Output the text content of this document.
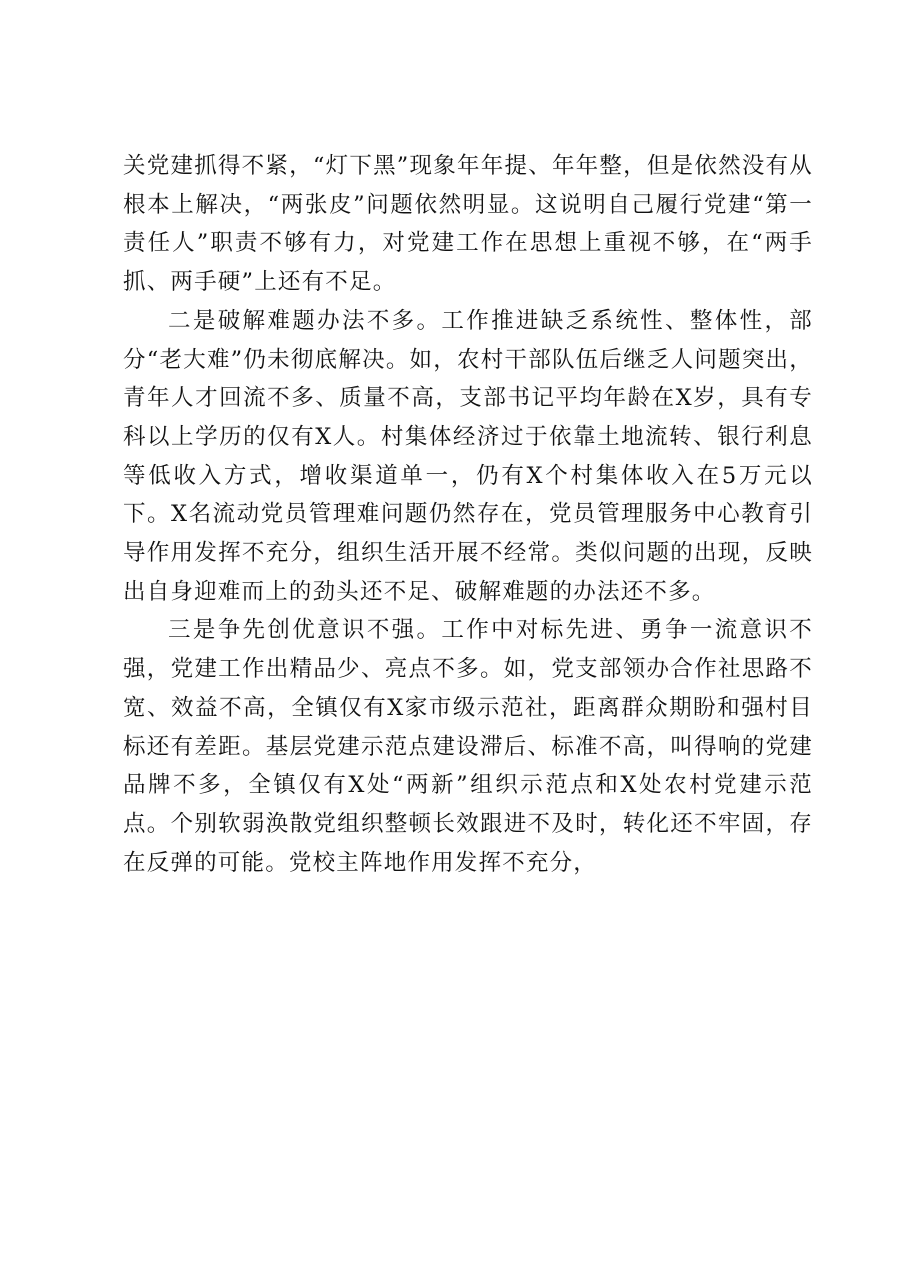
关党建抓得不紧，“灯下黑”现象年年提、年年整，但是依然没有从根本上解决，“两张皮”问题依然明显。这说明自己履行党建“第一责任人”职责不够有力，对党建工作在思想上重视不够，在“两手抓、两手硬”上还有不足。

二是破解难题办法不多。工作推进缺乏系统性、整体性，部分“老大难”仍未彻底解决。如，农村干部队伍后继乏人问题突出，青年人才回流不多、质量不高，支部书记平均年龄在X岁，具有专科以上学历的仅有X人。村集体经济过于依靠土地流转、银行利息等低收入方式，增收渠道单一，仍有X个村集体收入在5万元以下。X名流动党员管理难问题仍然存在，党员管理服务中心教育引导作用发挥不充分，组织生活开展不经常。类似问题的出现，反映出自身迎难而上的劲头还不足、破解难题的办法还不多。

三是争先创优意识不强。工作中对标先进、勇争一流意识不强，党建工作出精品少、亮点不多。如，党支部领办合作社思路不宽、效益不高，全镇仅有X家市级示范社，距离群众期盼和强村目标还有差距。基层党建示范点建设滞后、标准不高，叫得响的党建品牌不多，全镇仅有X处“两新”组织示范点和X处农村党建示范点。个别软弱涣散党组织整顿长效跟进不及时，转化还不牢固，存在反弹的可能。党校主阵地作用发挥不充分，
